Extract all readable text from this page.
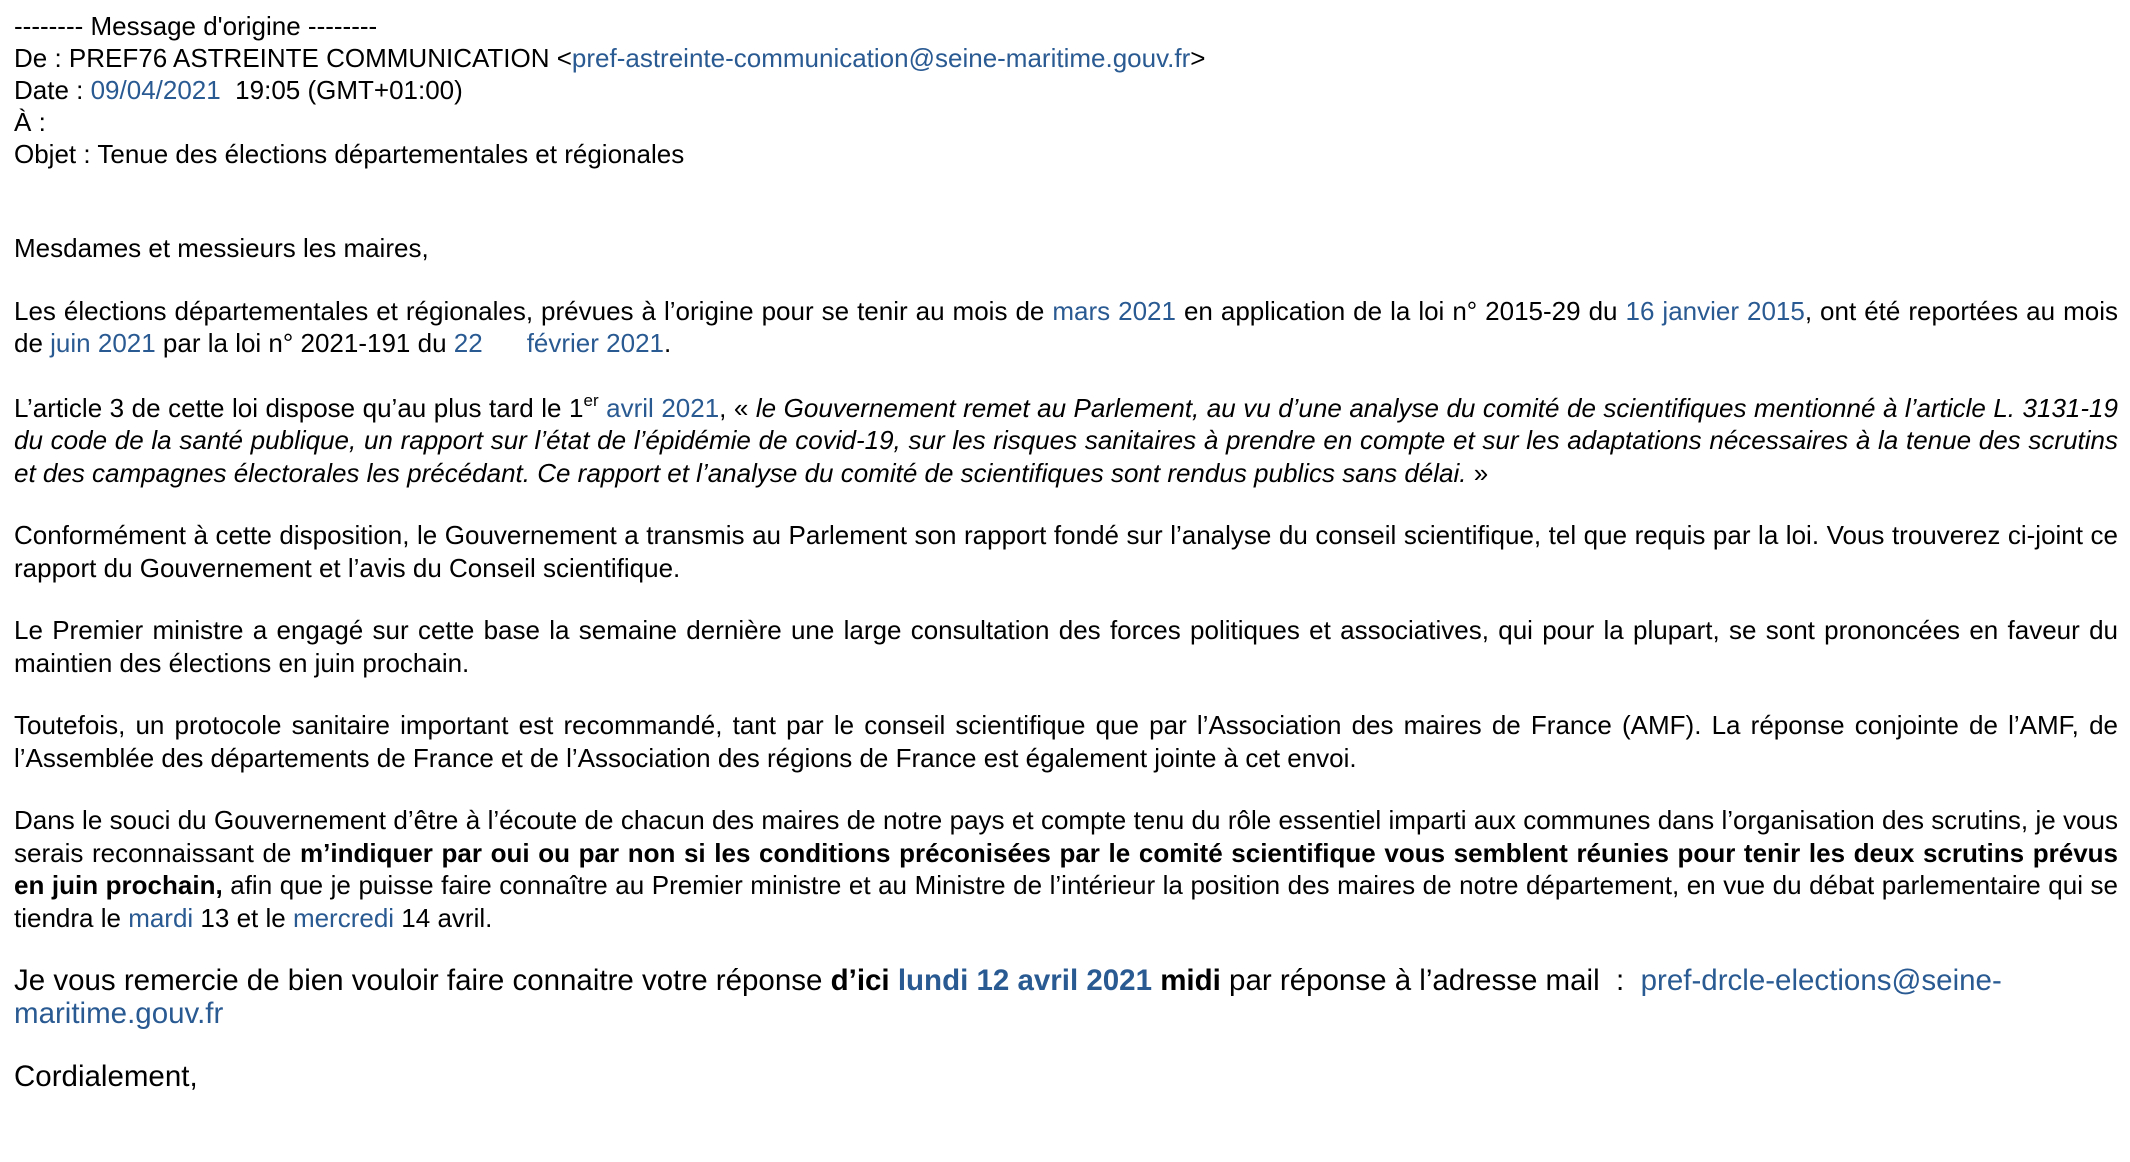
-------- Message d'origine --------
De : PREF76 ASTREINTE COMMUNICATION <pref-astreinte-communication@seine-maritime.gouv.fr>
Date : 09/04/2021  19:05 (GMT+01:00)
À :
Objet : Tenue des élections départementales et régionales

Mesdames et messieurs les maires,

Les élections départementales et régionales, prévues à l’origine pour se tenir au mois de mars 2021 en application de la loi n° 2015-29 du 16 janvier 2015, ont été reportées au mois de juin 2021 par la loi n° 2021-191 du 22 février 2021.

L’article 3 de cette loi dispose qu’au plus tard le 1er avril 2021, « le Gouvernement remet au Parlement, au vu d’une analyse du comité de scientifiques mentionné à l’article L. 3131-19 du code de la santé publique, un rapport sur l’état de l’épidémie de covid-19, sur les risques sanitaires à prendre en compte et sur les adaptations nécessaires à la tenue des scrutins et des campagnes électorales les précédant. Ce rapport et l’analyse du comité de scientifiques sont rendus publics sans délai. »

Conformément à cette disposition, le Gouvernement a transmis au Parlement son rapport fondé sur l’analyse du conseil scientifique, tel que requis par la loi. Vous trouverez ci-joint ce rapport du Gouvernement et l’avis du Conseil scientifique.

Le Premier ministre a engagé sur cette base la semaine dernière une large consultation des forces politiques et associatives, qui pour la plupart, se sont prononcées en faveur du maintien des élections en juin prochain.

Toutefois, un protocole sanitaire important est recommandé, tant par le conseil scientifique que par l’Association des maires de France (AMF). La réponse conjointe de l’AMF, de l’Assemblée des départements de France et de l’Association des régions de France est également jointe à cet envoi.

Dans le souci du Gouvernement d’être à l’écoute de chacun des maires de notre pays et compte tenu du rôle essentiel imparti aux communes dans l’organisation des scrutins, je vous serais reconnaissant de m’indiquer par oui ou par non si les conditions préconisées par le comité scientifique vous semblent réunies pour tenir les deux scrutins prévus en juin prochain, afin que je puisse faire connaître au Premier ministre et au Ministre de l’intérieur la position des maires de notre département, en vue du débat parlementaire qui se tiendra le mardi 13 et le mercredi 14 avril.

Je vous remercie de bien vouloir faire connaitre votre réponse d’ici lundi 12 avril 2021 midi par réponse à l’adresse mail  :  pref-drcle-elections@seine-maritime.gouv.fr

Cordialement,
